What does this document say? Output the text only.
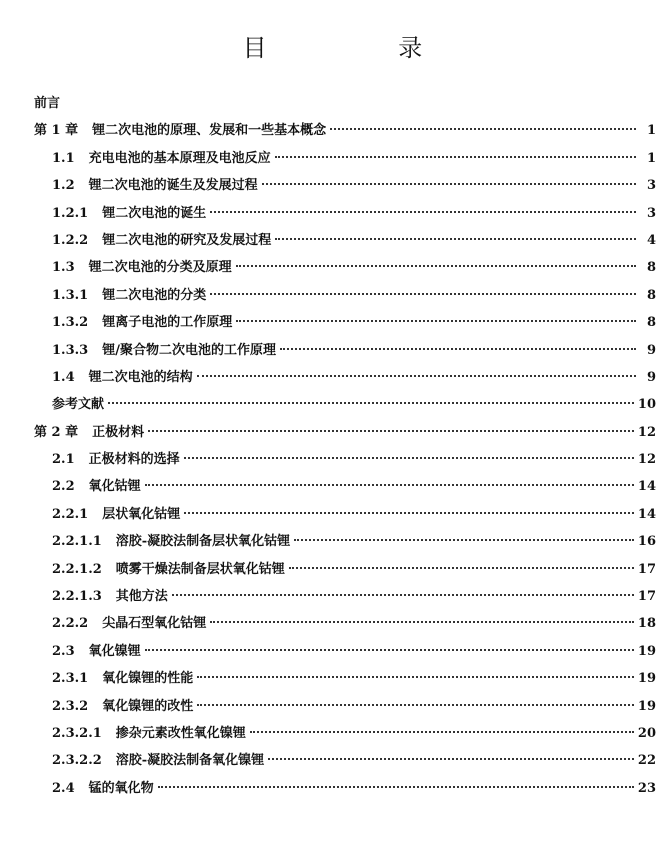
目 录
前言
第 1 章 锂二次电池的原理、发展和一些基本概念	1
1.1 充电电池的基本原理及电池反应	1
1.2 锂二次电池的诞生及发展过程	3
1.2.1 锂二次电池的诞生	3
1.2.2 锂二次电池的研究及发展过程	4
1.3 锂二次电池的分类及原理	8
1.3.1 锂二次电池的分类	8
1.3.2 锂离子电池的工作原理	8
1.3.3 锂/聚合物二次电池的工作原理	9
1.4 锂二次电池的结构	9
参考文献	10
第 2 章 正极材料	12
2.1 正极材料的选择	12
2.2 氧化钴锂	14
2.2.1 层状氧化钴锂	14
2.2.1.1 溶胶-凝胶法制备层状氧化钴锂	16
2.2.1.2 喷雾干燥法制备层状氧化钴锂	17
2.2.1.3 其他方法	17
2.2.2 尖晶石型氧化钴锂	18
2.3 氧化镍锂	19
2.3.1 氧化镍锂的性能	19
2.3.2 氧化镍锂的改性	19
2.3.2.1 掺杂元素改性氧化镍锂	20
2.3.2.2 溶胶-凝胶法制备氧化镍锂	22
2.4 锰的氧化物	23
